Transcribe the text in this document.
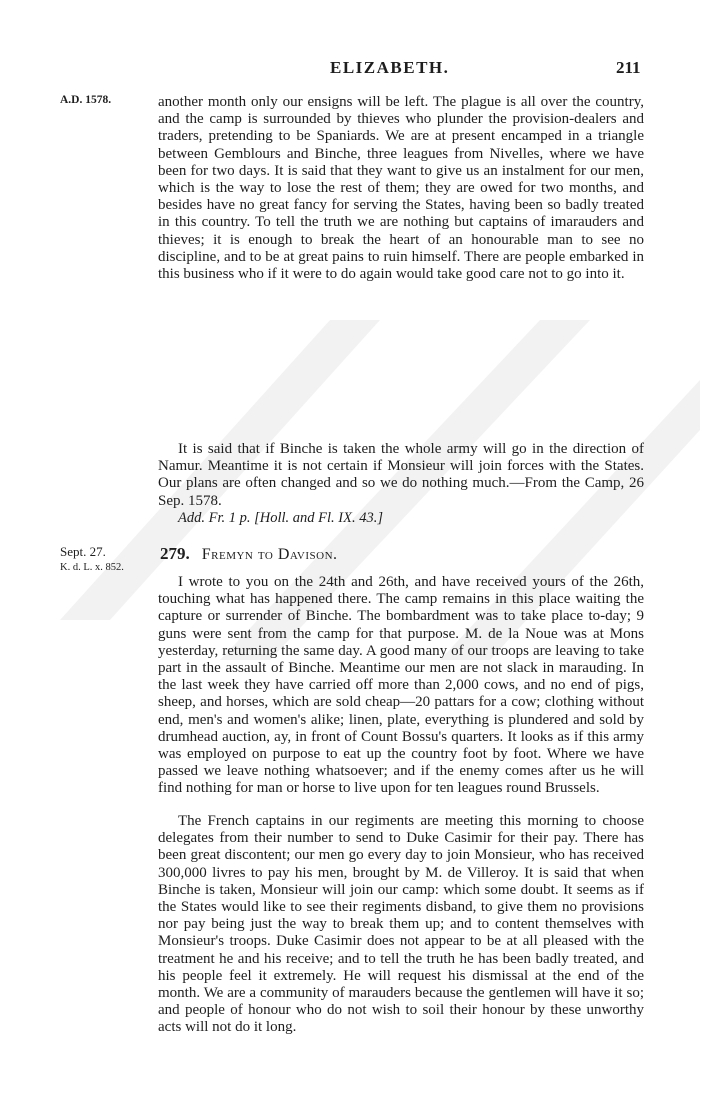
ELIZABETH.	211
A.D. 1578.	another month only our ensigns will be left. The plague is all over the country, and the camp is surrounded by thieves who plunder the provision-dealers and traders, pretending to be Spaniards. We are at present encamped in a triangle between Gemblours and Binche, three leagues from Nivelles, where we have been for two days. It is said that they want to give us an instalment for our men, which is the way to lose the rest of them; they are owed for two months, and besides have no great fancy for serving the States, having been so badly treated in this country. To tell the truth we are nothing but captains of imarauders and thieves; it is enough to break the heart of an honourable man to see no discipline, and to be at great pains to ruin himself. There are people embarked in this business who if it were to do again would take good care not to go into it.

It is said that if Binche is taken the whole army will go in the direction of Namur. Meantime it is not certain if Monsieur will join forces with the States. Our plans are often changed and so we do nothing much.—From the Camp, 26 Sep. 1578.

Add. Fr. 1 p. [Holl. and Fl. IX. 43.]

Sept. 27.
K. d. L. x. 852.
279. Fremyn to Davison.

I wrote to you on the 24th and 26th, and have received yours of the 26th, touching what has happened there. The camp remains in this place waiting the capture or surrender of Binche. The bombardment was to take place to-day; 9 guns were sent from the camp for that purpose. M. de la Noue was at Mons yesterday, returning the same day. A good many of our troops are leaving to take part in the assault of Binche. Meantime our men are not slack in marauding. In the last week they have carried off more than 2,000 cows, and no end of pigs, sheep, and horses, which are sold cheap—20 pattars for a cow; clothing without end, men's and women's alike; linen, plate, everything is plundered and sold by drumhead auction, ay, in front of Count Bossu's quarters. It looks as if this army was employed on purpose to eat up the country foot by foot. Where we have passed we leave nothing whatsoever; and if the enemy comes after us he will find nothing for man or horse to live upon for ten leagues round Brussels.

The French captains in our regiments are meeting this morning to choose delegates from their number to send to Duke Casimir for their pay. There has been great discontent; our men go every day to join Monsieur, who has received 300,000 livres to pay his men, brought by M. de Villeroy. It is said that when Binche is taken, Monsieur will join our camp: which some doubt. It seems as if the States would like to see their regiments disband, to give them no provisions nor pay being just the way to break them up; and to content themselves with Monsieur's troops. Duke Casimir does not appear to be at all pleased with the treatment he and his receive; and to tell the truth he has been badly treated, and his people feel it extremely. He will request his dismissal at the end of the month. We are a community of marauders because the gentlemen will have it so; and people of honour who do not wish to soil their honour by these unworthy acts will not do it long.
